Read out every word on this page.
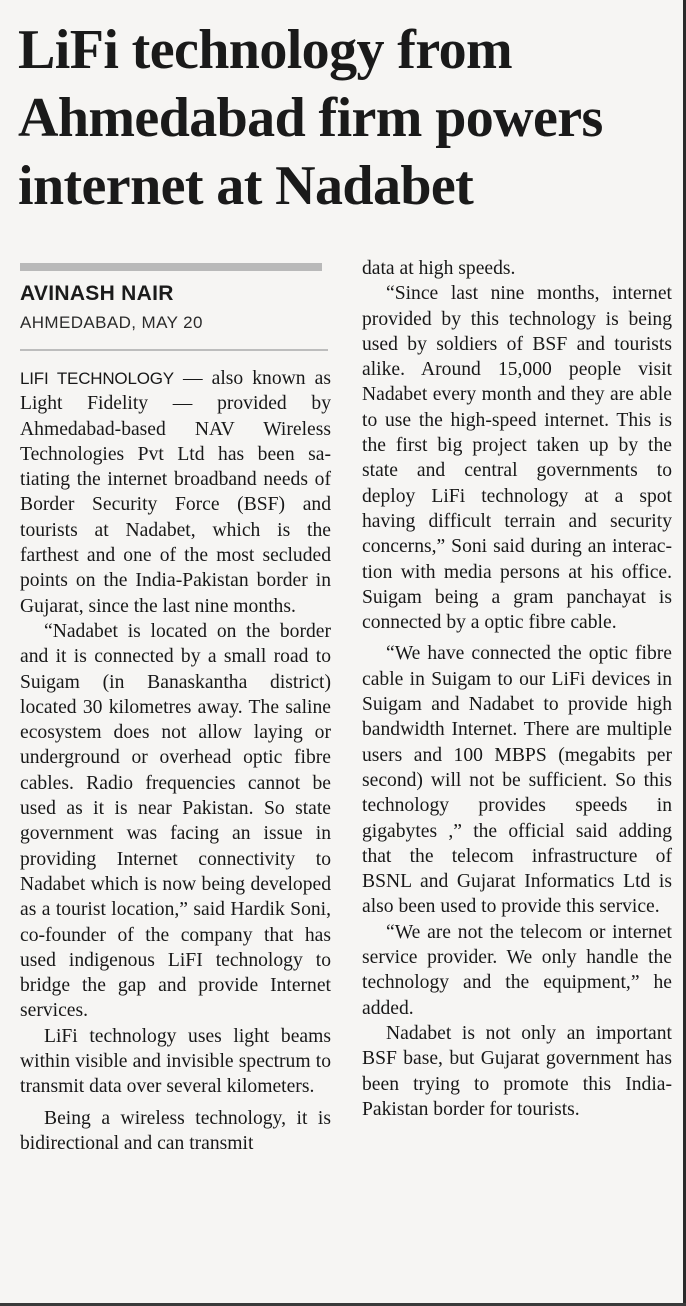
LiFi technology from Ahmedabad firm powers internet at Nadabet
AVINASH NAIR
AHMEDABAD, MAY 20

LIFI TECHNOLOGY — also known as Light Fidelity — provided by Ahmedabad-based NAV Wireless Technologies Pvt Ltd has been satiating the internet broadband needs of Border Security Force (BSF) and tourists at Nadabet, which is the farthest and one of the most secluded points on the India-Pakistan border in Gujarat, since the last nine months.

“Nadabet is located on the border and it is connected by a small road to Suigam (in Banaskantha district) located 30 kilometres away. The saline ecosystem does not allow laying or underground or overhead optic fibre cables. Radio frequencies cannot be used as it is near Pakistan. So state government was facing an issue in providing Internet connectivity to Nadabet which is now being developed as a tourist location,” said Hardik Soni, co-founder of the company that has used indigenous LiFI technology to bridge the gap and provide Internet services.

LiFi technology uses light beams within visible and invisible spectrum to transmit data over several kilometers.

Being a wireless technology, it is bidirectional and can transmit

data at high speeds.

“Since last nine months, internet provided by this technology is being used by soldiers of BSF and tourists alike. Around 15,000 people visit Nadabet every month and they are able to use the high-speed internet. This is the first big project taken up by the state and central governments to deploy LiFi technology at a spot having difficult terrain and security concerns,” Soni said during an interaction with media persons at his office. Suigam being a gram panchayat is connected by a optic fibre cable.

“We have connected the optic fibre cable in Suigam to our LiFi devices in Suigam and Nadabet to provide high bandwidth Internet. There are multiple users and 100 MBPS (megabits per second) will not be sufficient. So this technology provides speeds in gigabytes ,” the official said adding that the telecom infrastructure of BSNL and Gujarat Informatics Ltd is also been used to provide this service.

“We are not the telecom or internet service provider. We only handle the technology and the equipment,” he added.

Nadabet is not only an important BSF base, but Gujarat government has been trying to promote this India-Pakistan border for tourists.
